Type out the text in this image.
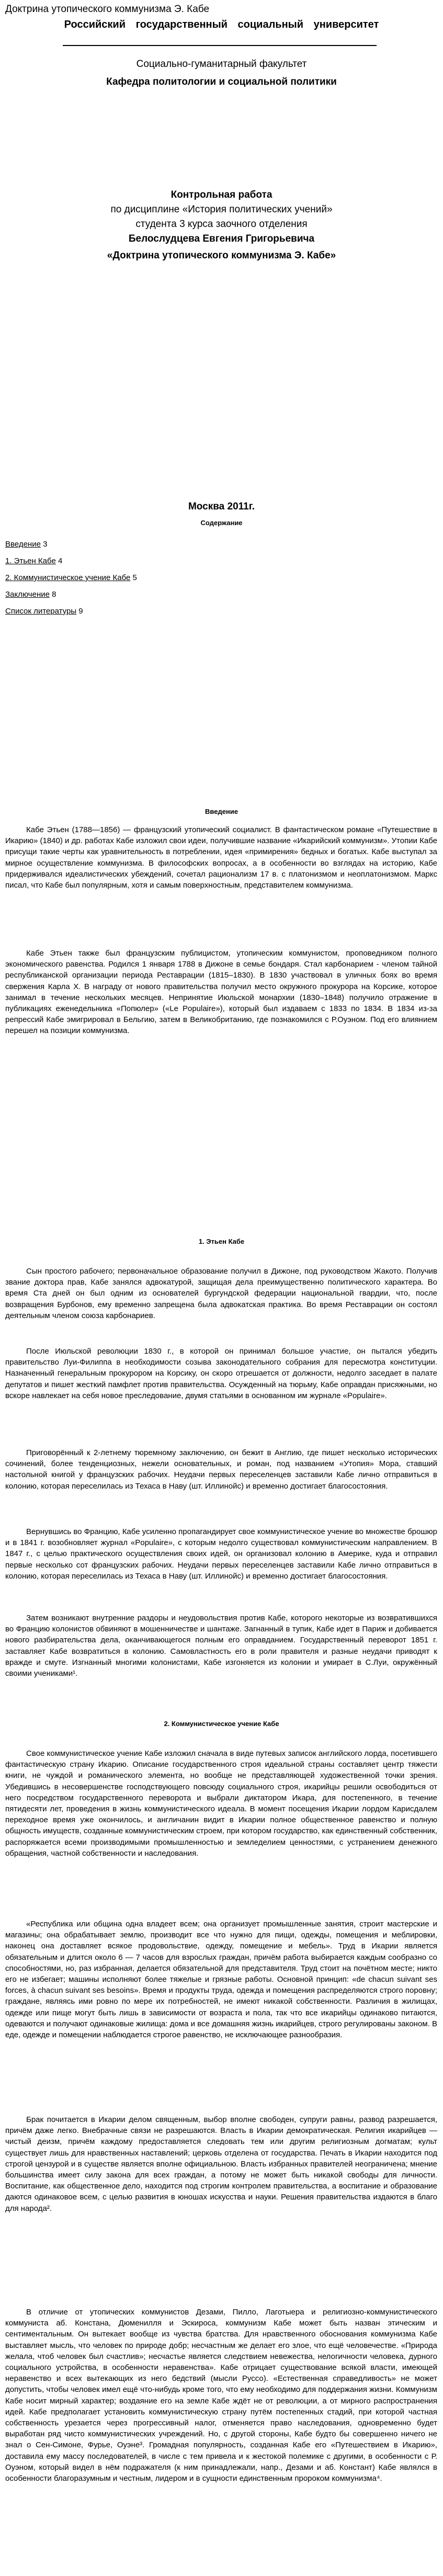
Доктрина утопического коммунизма Э. Кабе
Российский государственный социальный университет
Социально-гуманитарный факультет
Кафедра политологии и социальной политики
Контрольная работа
по дисциплине «История политических учений»
студента 3 курса заочного отделения
Белослудцева Евгения Григорьевича
«Доктрина утопического коммунизма Э. Кабе»
Москва 2011г.
Содержание
Введение 3
1. Этьен Кабе 4
2. Коммунистическое учение Кабе 5
Заключение 8
Список литературы 9
Введение
Кабе Этьен (1788—1856) — французский утопический социалист. В фантастическом романе «Путешествие в Икарию» (1840) и др. работах Кабе изложил свои идеи, получившие название «Икарийский коммунизм». Утопии Кабе присущи такие черты как уравнительность в потреблении, идея «примирения» бедных и богатых. Кабе выступал за мирное осуществление коммунизма. В философских вопросах, а в особенности во взглядах на историю, Кабе придерживался идеалистических убеждений, сочетал рационализм 17 в. с платонизмом и неоплатонизмом. Маркс писал, что Кабе был популярным, хотя и самым поверхностным, представителем коммунизма.
Кабе Этьен также был французским публицистом, утопическим коммунистом, проповедником полного экономического равенства. Родился 1 января 1788 в Дижоне в семье бондаря. Стал карбонарием - членом тайной республиканской организации периода Реставрации (1815–1830). В 1830 участвовал в уличных боях во время свержения Карла X. В награду от нового правительства получил место окружного прокурора на Корсике, которое занимал в течение нескольких месяцев. Непринятие Июльской монархии (1830–1848) получило отражение в публикациях еженедельника «Попюлер» («Le Populaire»), который был издаваем с 1833 по 1834. В 1834 из-за репрессий Кабе эмигрировал в Бельгию, затем в Великобританию, где познакомился с Р.Оуэном. Под его влиянием перешел на позиции коммунизма.
1. Этьен Кабе
Сын простого рабочего; первоначальное образование получил в Дижоне, под руководством Жакото. Получив звание доктора прав, Кабе занялся адвокатурой, защищая дела преимущественно политического характера. Во время Ста дней он был одним из основателей бургундской федерации национальной гвардии, что, после возвращения Бурбонов, ему временно запрещена была адвокатская практика. Во время Реставрации он состоял деятельным членом союза карбонариев.
После Июльской революции 1830 г., в которой он принимал большое участие, он пытался убедить правительство Луи-Филиппа в необходимости созыва законодательного собрания для пересмотра конституции. Назначенный генеральным прокурором на Корсику, он скоро отрешается от должности, недолго заседает в палате депутатов и пишет жесткий памфлет против правительства. Осужденный на тюрьму, Кабе оправдан присяжными, но вскоре навлекает на себя новое преследование, двумя статьями в основанном им журнале «Populaire».
Приговорённый к 2-летнему тюремному заключению, он бежит в Англию, где пишет несколько исторических сочинений, более тенденциозных, нежели основательных, и роман, под названием «Утопия» Мора, ставший настольной книгой у французских рабочих. Неудачи первых переселенцев заставили Кабе лично отправиться в колонию, которая переселилась из Техаса в Наву (шт. Иллинойс) и временно достигает благосостояния.
Вернувшись во Францию, Кабе усиленно пропагандирует свое коммунистическое учение во множестве брошюр и в 1841 г. возобновляет журнал «Populaire», с которым недолго существовал коммунистическим направлением. В 1847 г., с целью практического осуществления своих идей, он организовал колонию в Америке, куда и отправил первые несколько сот французских рабочих. Неудачи первых переселенцев заставили Кабе лично отправиться в колонию, которая переселилась из Техаса в Наву (шт. Иллинойс) и временно достигает благосостояния.
Затем возникают внутренние раздоры и неудовольствия против Кабе, которого некоторые из возвратившихся во Францию колонистов обвиняют в мошенничестве и шантаже. Загнанный в тупик, Кабе идет в Париж и добивается нового разбирательства дела, оканчивающегося полным его оправданием. Государственный переворот 1851 г. заставляет Кабе возвратиться в колонию. Самовластность его в роли правителя и разные неудачи приводят к вражде и смуте. Изгнанный многими колонистами, Кабе изгоняется из колонии и умирает в С.Луи, окружённый своими учениками¹.
2. Коммунистическое учение Кабе
Свое коммунистическое учение Кабе изложил сначала в виде путевых записок английского лорда, посетившего фантастическую страну Икарию. Описание государственного строя идеальной страны составляет центр тяжести книги, не чуждой и романического элемента, но вообще не представляющей художественной точки зрения. Убедившись в несовершенстве господствующего повсюду социального строя, икарийцы решили освободиться от него посредством государственного переворота и выбрали диктатором Икара, для постепенного, в течение пятидесяти лет, проведения в жизнь коммунистического идеала. В момент посещения Икарии лордом Карисдалем переходное время уже окончилось, и англичанин видит в Икарии полное общественное равенство и полную общность имуществ, созданные коммунистическим строем, при котором государство, как единственный собственник, распоряжается всеми производимыми промышленностью и земледелием ценностями, с устранением денежного обращения, частной собственности и наследования.
«Республика или община одна владеет всем; она организует промышленные занятия, строит мастерские и магазины; она обрабатывает землю, производит все что нужно для пищи, одежды, помещения и меблировки, наконец она доставляет всякое продовольствие, одежду, помещение и мебель». Труд в Икарии является обязательным и длится около 6 — 7 часов для взрослых граждан, причём работа выбирается каждым сообразно со способностями, но, раз избранная, делается обязательной для представителя. Труд стоит на почётном месте; никто его не избегает; машины исполняют более тяжелые и грязные работы. Основной принцип: «de chacun suivant ses forces, à chacun suivant ses besoins». Время и продукты труда, одежда и помещения распределяются строго поровну; граждане, являясь ими ровно по мере их потребностей, не имеют никакой собственности. Различия в жилищах, одежде или пище могут быть лишь в зависимости от возраста и пола, так что все икарийцы одинаково питаются, одеваются и получают одинаковые жилища: дома и все домашняя жизнь икарийцев, строго регулированы законом. В еде, одежде и помещении наблюдается строгое равенство, не исключающее разнообразия.
Брак почитается в Икарии делом священным, выбор вполне свободен, супруги равны, развод разрешается, причём даже легко. Внебрачные связи не разрешаются. Власть в Икарии демократическая. Религия икарийцев — чистый деизм, причём каждому предоставляется следовать тем или другим религиозным догматам; культ существует лишь для нравственных наставлений; церковь отделена от государства. Печать в Икарии находится под строгой цензурой и в существе является вполне официальною. Власть избранных правителей неограничена; мнение большинства имеет силу закона для всех граждан, а потому не может быть никакой свободы для личности. Воспитание, как общественное дело, находится под строгим контролем правительства, а воспитание и образование даются одинаковое всем, с целью развития в юношах искусства и науки. Решения правительства издаются в благо для народа².
В отличие от утопических коммунистов Дезами, Пилло, Лаготыера и религиозно-коммунистического коммуниста аб. Констана, Дюменилля и Эскироса, коммунизм Кабе может быть назван этическим и сентиментальным. Он вытекает вообще из чувства братства. Для нравственного обоснования коммунизма Кабе выставляет мысль, что человек по природе добр; несчастным же делает его злое, что ещё человечестве. «Природа желала, чтоб человек был счастлив»; несчастье является следствием невежества, нелогичности человека, дурного социального устройства, в особенности неравенства». Кабе отрицает существование всякой власти, имеющей неравенство и всех вытекающих из него бедствий (мысли Руссо). «Естественная справедливость» не может допустить, чтобы человек имел ещё что-нибудь кроме того, что ему необходимо для поддержания жизни. Коммунизм Кабе носит мирный характер; воздаяние его на земле Кабе ждёт не от революции, а от мирного распространения идей. Кабе предполагает установить коммунистическую страну путём постепенных стадий, при которой частная собственность урезается через прогрессивный налог, отменяется право наследования, одновременно будет выработан ряд чисто коммунистических учреждений. Но, с другой стороны, Кабе будто бы совершенно ничего не знал о Сен-Симоне, Фурье, Оуэне³. Громадная популярность, созданная Кабе его «Путешествием в Икарию», доставила ему массу последователей, в числе с тем привела и к жестокой полемике с другими, в особенности с Р. Оуэном, который видел в нём подражателя (к ним принадлежали, напр., Дезами и аб. Констант) Кабе являлся в особенности благоразумным и честным, лидером и в сущности единственным пророком коммунизма⁴.
